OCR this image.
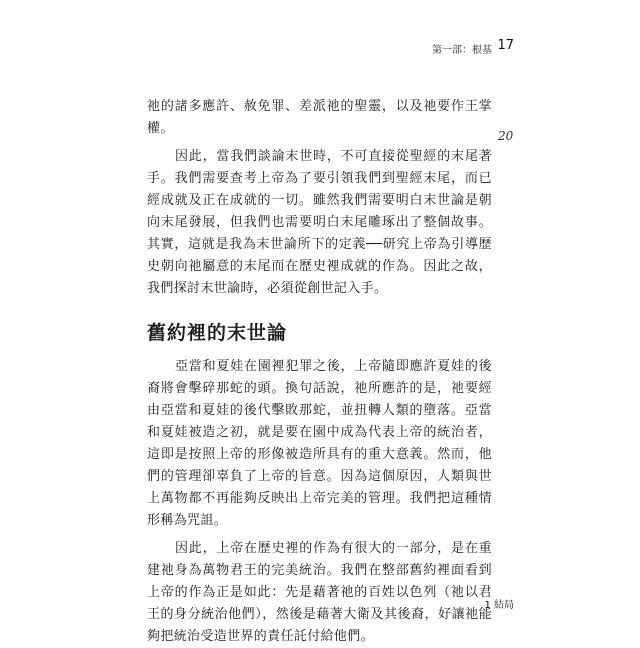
第一部：根基 17

祂的諸多應許、赦免罪、差派祂的聖靈，以及祂要作王掌權。

因此，當我們談論末世時，不可直接從聖經的末尾著手。我們需要查考上帝為了要引領我們到聖經末尾，而已經成就及正在成就的一切。雖然我們需要明白末世論是朝向末尾發展，但我們也需要明白末尾雕琢出了整個故事。其實，這就是我為末世論所下的定義──研究上帝為引導歷史朝向祂屬意的末尾而在歷史裡成就的作為。因此之故，我們探討末世論時，必須從創世記入手。

舊約裡的末世論

亞當和夏娃在園裡犯罪之後，上帝隨即應許夏娃的後裔將會擊碎那蛇的頭。換句話說，祂所應許的是，祂要經由亞當和夏娃的後代擊敗那蛇，並扭轉人類的墮落。亞當和夏娃被造之初，就是要在園中成為代表上帝的統治者，這即是按照上帝的形像被造所具有的重大意義。然而，他們的管理卻辜負了上帝的旨意。因為這個原因，人類與世上萬物都不再能夠反映出上帝完美的管理。我們把這種情形稱為咒詛。

因此，上帝在歷史裡的作為有很大的一部分，是在重建祂身為萬物君王的完美統治。我們在整部舊約裡面看到上帝的作為正是如此：先是藉著祂的百姓以色列（祂以君王的身分統治他們），然後是藉著大衛及其後裔，好讓祂能夠把統治受造世界的責任託付給他們。

20
1 結局
